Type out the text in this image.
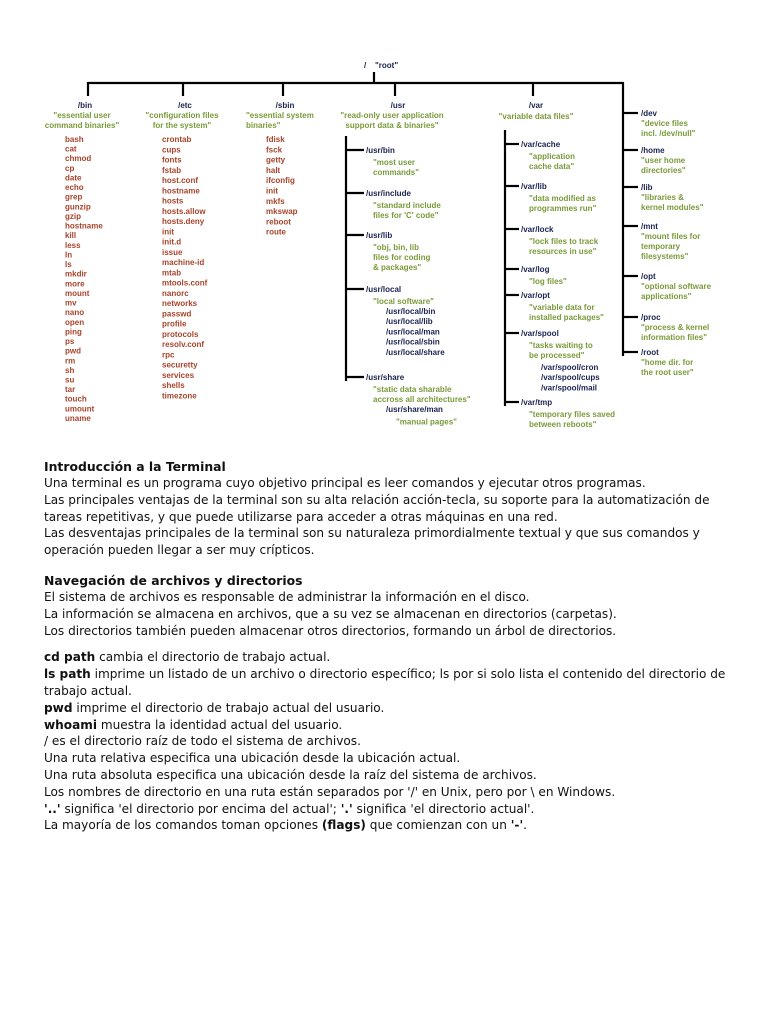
/ "root"
/bin
"essential user
command binaries"
bash
cat
chmod
cp
date
echo
grep
gunzip
gzip
hostname
kill
less
ln
ls
mkdir
more
mount
mv
nano
open
ping
ps
pwd
rm
sh
su
tar
touch
umount
uname
/etc
"configuration files
for the system"
crontab
cups
fonts
fstab
host.conf
hostname
hosts
hosts.allow
hosts.deny
init
init.d
issue
machine-id
mtab
mtools.conf
nanorc
networks
passwd
profile
protocols
resolv.conf
rpc
securetty
services
shells
timezone
/sbin
"essential system
binaries"
fdisk
fsck
getty
halt
ifconfig
init
mkfs
mkswap
reboot
route
/usr
"read-only user application
support data & binaries"
/usr/bin
"most user
commands"
/usr/include
"standard include
files for 'C' code"
/usr/lib
"obj, bin, lib
files for coding
& packages"
/usr/local
"local software"
/usr/local/bin
/usr/local/lib
/usr/local/man
/usr/local/sbin
/usr/local/share
/usr/share
"static data sharable
accross all architectures"
/usr/share/man
"manual pages"
/var
"variable data files"
/var/cache
"application
cache data"
/var/lib
"data modified as
programmes run"
/var/lock
"lock files to track
resources in use"
/var/log
"log files"
/var/opt
"variable data for
installed packages"
/var/spool
"tasks waiting to
be processed"
/var/spool/cron
/var/spool/cups
/var/spool/mail
/var/tmp
"temporary files saved
between reboots"
/dev
"device files
incl. /dev/null"
/home
"user home
directories"
/lib
"libraries &
kernel modules"
/mnt
"mount files for
temporary
filesystems"
/opt
"optional software
applications"
/proc
"process & kernel
information files"
/root
"home dir. for
the root user"
Introducción a la Terminal

Una terminal es un programa cuyo objetivo principal es leer comandos y ejecutar otros programas.

Las principales ventajas de la terminal son su alta relación acción-tecla, su soporte para la automatización de tareas repetitivas, y que puede utilizarse para acceder a otras máquinas en una red.

Las desventajas principales de la terminal son su naturaleza primordialmente textual y que sus comandos y operación pueden llegar a ser muy crípticos.

Navegación de archivos y directorios

El sistema de archivos es responsable de administrar la información en el disco.

La información se almacena en archivos, que a su vez se almacenan en directorios (carpetas).

Los directorios también pueden almacenar otros directorios, formando un árbol de directorios.

cd path cambia el directorio de trabajo actual.

ls path imprime un listado de un archivo o directorio específico; ls por si solo lista el contenido del directorio de trabajo actual.

pwd imprime el directorio de trabajo actual del usuario.

whoami muestra la identidad actual del usuario.

/ es el directorio raíz de todo el sistema de archivos.

Una ruta relativa especifica una ubicación desde la ubicación actual.

Una ruta absoluta especifica una ubicación desde la raíz del sistema de archivos.

Los nombres de directorio en una ruta están separados por '/' en Unix, pero por \ en Windows.

'..' significa 'el directorio por encima del actual'; '.' significa 'el directorio actual'.

La mayoría de los comandos toman opciones (flags) que comienzan con un '-'.
